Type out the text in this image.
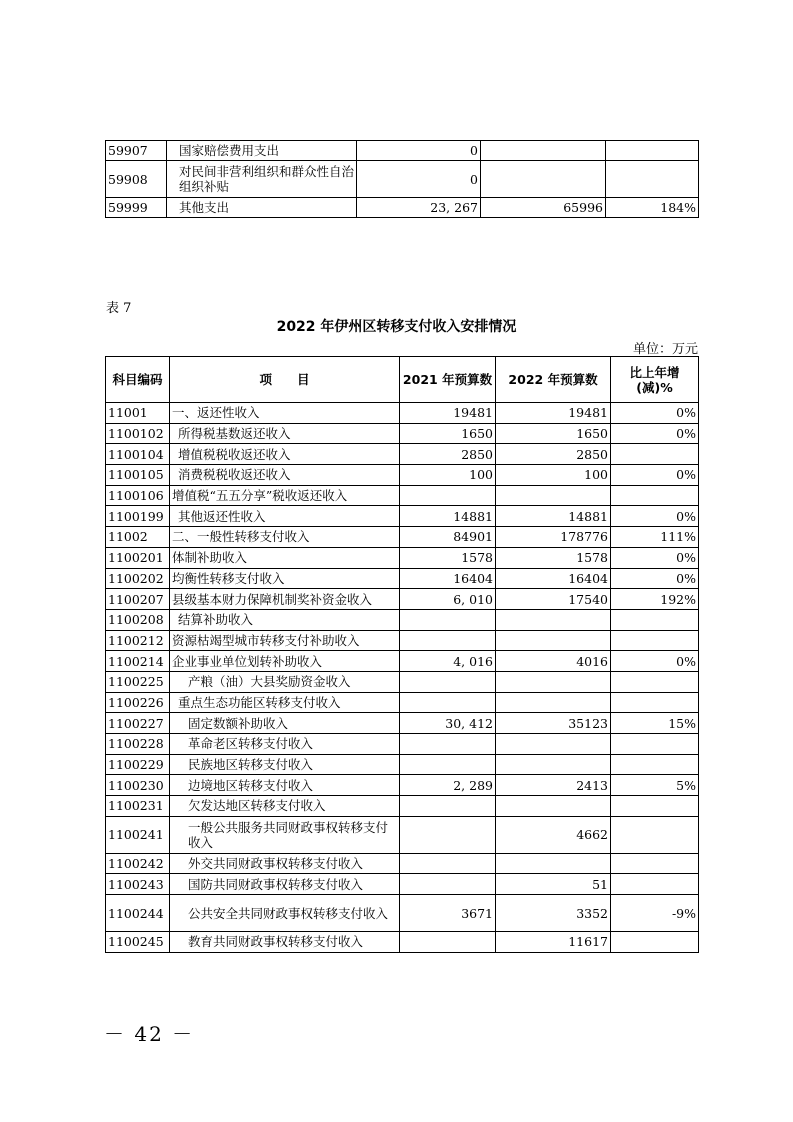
59907	国家赔偿费用支出	0		
59908	对民间非营利组织和群众性自治组织补贴	0		
59999	其他支出	23, 267	65996	184%
表 7
2022 年伊州区转移支付收入安排情况
单位：万元
科目编码	项　　目	2021 年预算数	2022 年预算数	比上年增
(减)%

11001	一、返还性收入	19481	19481	0%
1100102	所得税基数返还收入	1650	1650	0%
1100104	增值税税收返还收入	2850	2850	
1100105	消费税税收返还收入	100	100	0%
1100106	增值税“五五分享”税收返还收入			
1100199	其他返还性收入	14881	14881	0%
11002	二、一般性转移支付收入	84901	178776	111%
1100201	体制补助收入	1578	1578	0%
1100202	均衡性转移支付收入	16404	16404	0%
1100207	县级基本财力保障机制奖补资金收入	6, 010	17540	192%
1100208	结算补助收入			
1100212	资源枯竭型城市转移支付补助收入			
1100214	企业事业单位划转补助收入	4, 016	4016	0%
1100225	产粮（油）大县奖励资金收入			
1100226	重点生态功能区转移支付收入			
1100227	固定数额补助收入	30, 412	35123	15%
1100228	革命老区转移支付收入			
1100229	民族地区转移支付收入			
1100230	边境地区转移支付收入	2, 289	2413	5%
1100231	欠发达地区转移支付收入			
1100241	一般公共服务共同财政事权转移支付收入		4662	
1100242	外交共同财政事权转移支付收入			
1100243	国防共同财政事权转移支付收入		51	
1100244	公共安全共同财政事权转移支付收入	3671	3352	-9%
1100245	教育共同财政事权转移支付收入		11617	
－ 42 －
